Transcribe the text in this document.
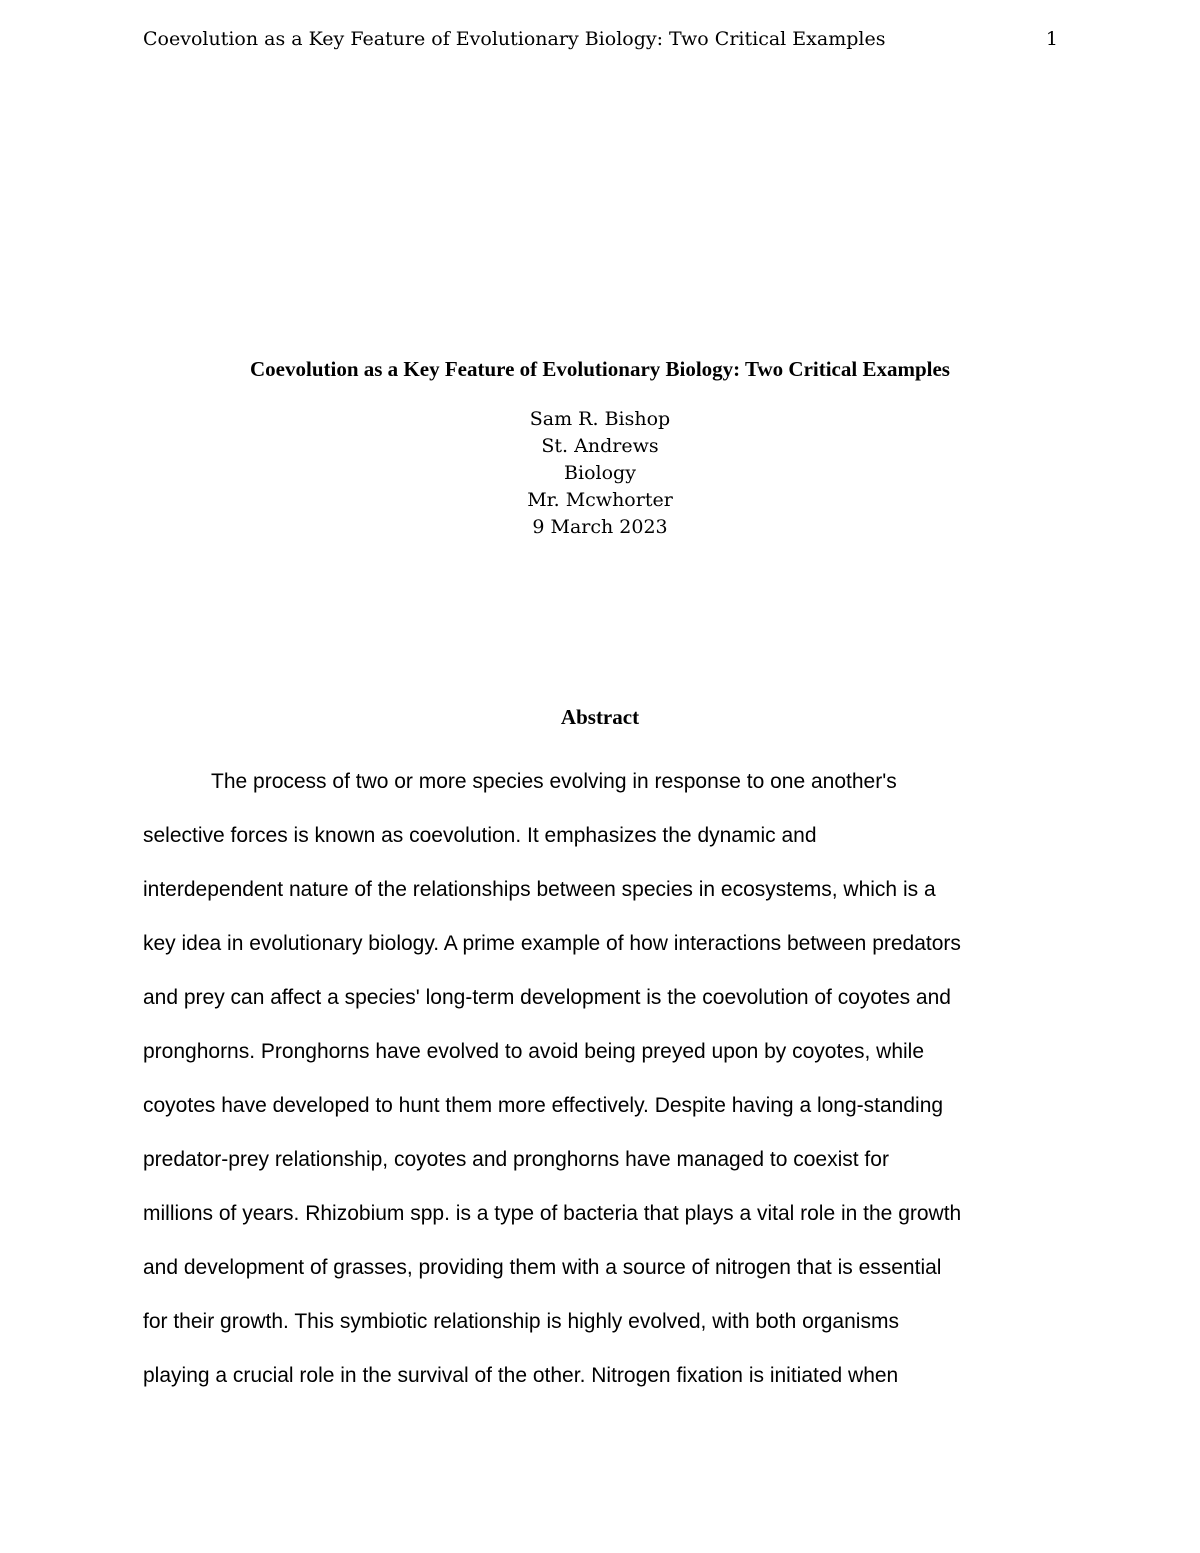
Coevolution as a Key Feature of Evolutionary Biology: Two Critical Examples	1

Coevolution as a Key Feature of Evolutionary Biology: Two Critical Examples

Sam R. Bishop

St. Andrews

Biology

Mr. Mcwhorter

9 March 2023

Abstract
The process of two or more species evolving in response to one another's
selective forces is known as coevolution. It emphasizes the dynamic and
interdependent nature of the relationships between species in ecosystems, which is a
key idea in evolutionary biology. A prime example of how interactions between predators
and prey can affect a species' long-term development is the coevolution of coyotes and
pronghorns. Pronghorns have evolved to avoid being preyed upon by coyotes, while
coyotes have developed to hunt them more effectively. Despite having a long-standing
predator-prey relationship, coyotes and pronghorns have managed to coexist for
millions of years. Rhizobium spp. is a type of bacteria that plays a vital role in the growth
and development of grasses, providing them with a source of nitrogen that is essential
for their growth. This symbiotic relationship is highly evolved, with both organisms
playing a crucial role in the survival of the other. Nitrogen fixation is initiated when
